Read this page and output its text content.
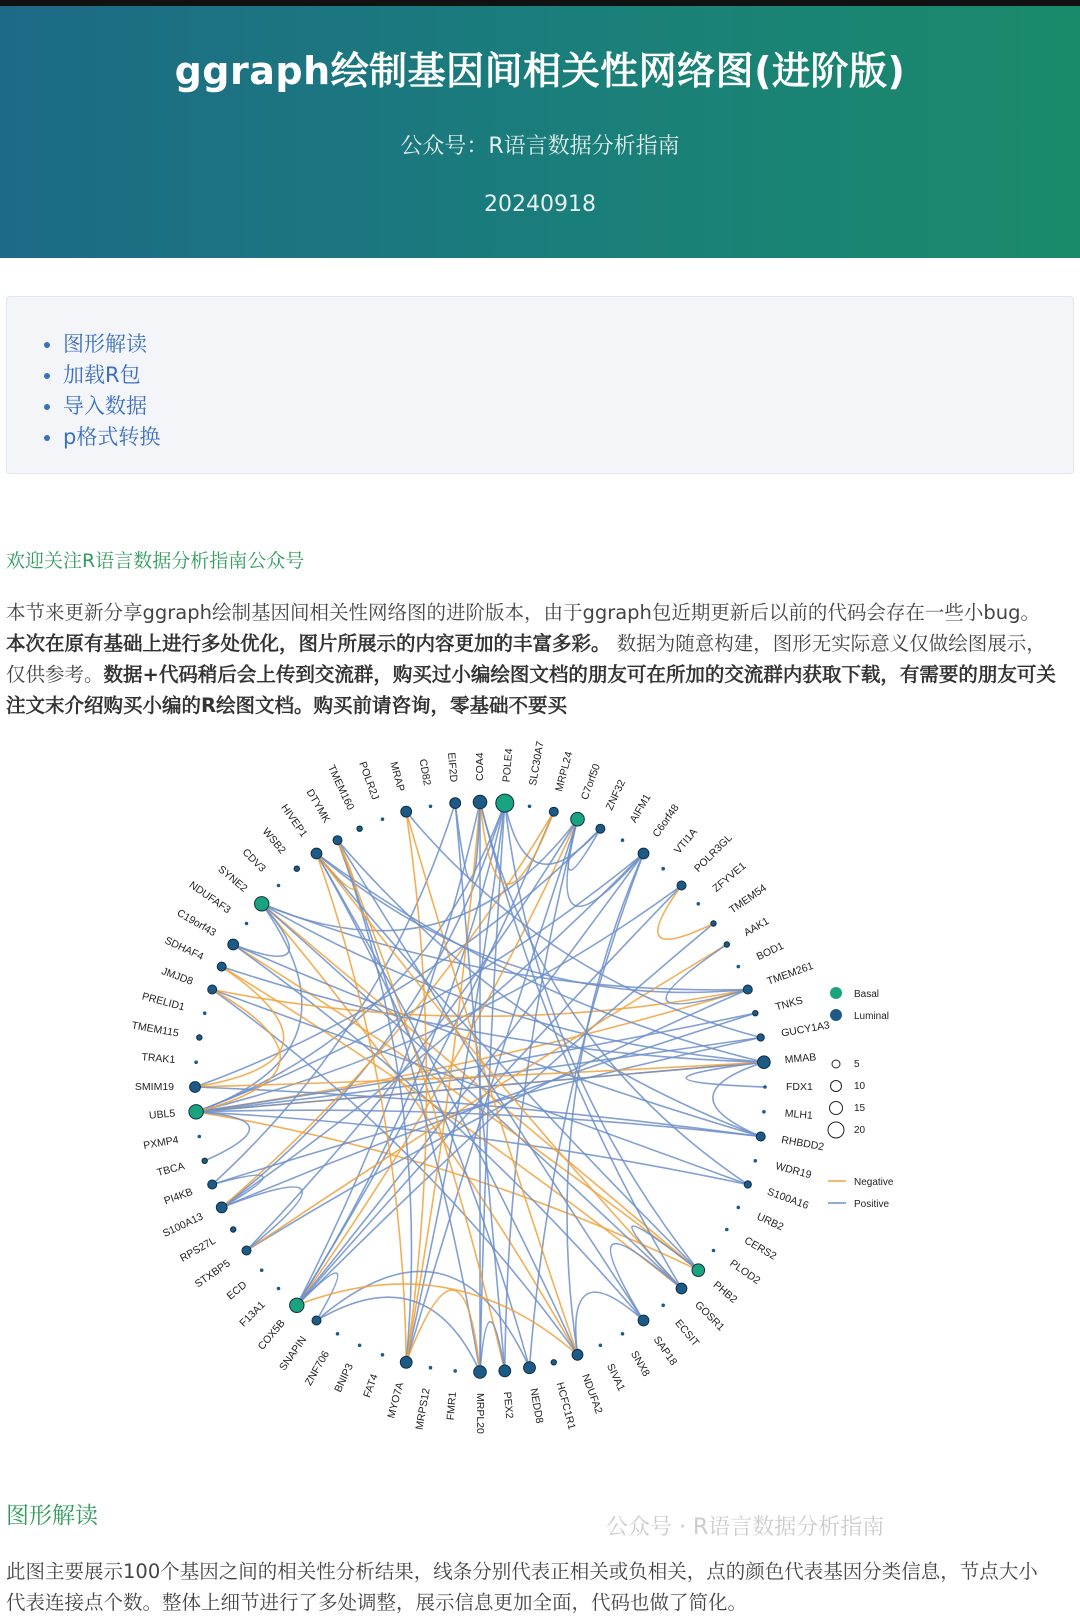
ggraph绘制基因间相关性网络图(进阶版)
公众号：R语言数据分析指南
20240918
• 图形解读
• 加载R包
• 导入数据
• p格式转换
欢迎关注R语言数据分析指南公众号

本节来更新分享ggraph绘制基因间相关性网络图的进阶版本，由于ggraph包近期更新后以前的代码会存在一些小bug。本次在原有基础上进行多处优化，图片所展示的内容更加的丰富多彩。 数据为随意构建，图形无实际意义仅做绘图展示，仅供参考。数据+代码稍后会上传到交流群，购买过小编绘图文档的朋友可在所加的交流群内获取下载，有需要的朋友可关注文末介绍购买小编的R绘图文档。购买前请咨询，零基础不要买

POLE4 SLC30A7 MRPL24 C7orf50 ZNF32 AIFM1
C6orf48
VTI1A
POLR3GL
ZFYVE1
TMEM54
AAK1
BOD1
TMEM261
TNKS
GUCY1A3
MMAB
FDX1
MLH1
RHBDD2
WDR19
S100A16
URB2
CERS2
PLOD2
PHB2
GOSR1
ECSIT
SAP18
SNX8
SIVA1
NDUFA2
HCFC1R1
NEDD8
PEX2
MRPL20
FMR1
MRPS12
MYO7A
FAT4
BNIP3
ZNF706
SNAPIN
COX5B
F13A1
ECD
STXBP5
RPS27L
S100A13
PI4KB
TBCA
PXMP4
UBL5
SMIM19
TRAK1
TMEM115
PRELID1
JMJD8
SDHAF4
C19orf43
NDUFAF3
SYNE2
CDV3
WSB2
HIVEP1
DTYMK
TMEM160 POLR2J MRAP CD82 EIF2D COA4
Basal
Luminal
5
10
15
20
Negative
Positive
图形解读

此图主要展示100个基因之间的相关性分析结果，线条分别代表正相关或负相关，点的颜色代表基因分类信息，节点大小代表连接点个数。整体上细节进行了多处调整，展示信息更加全面，代码也做了简化。

公众号 · R语言数据分析指南
